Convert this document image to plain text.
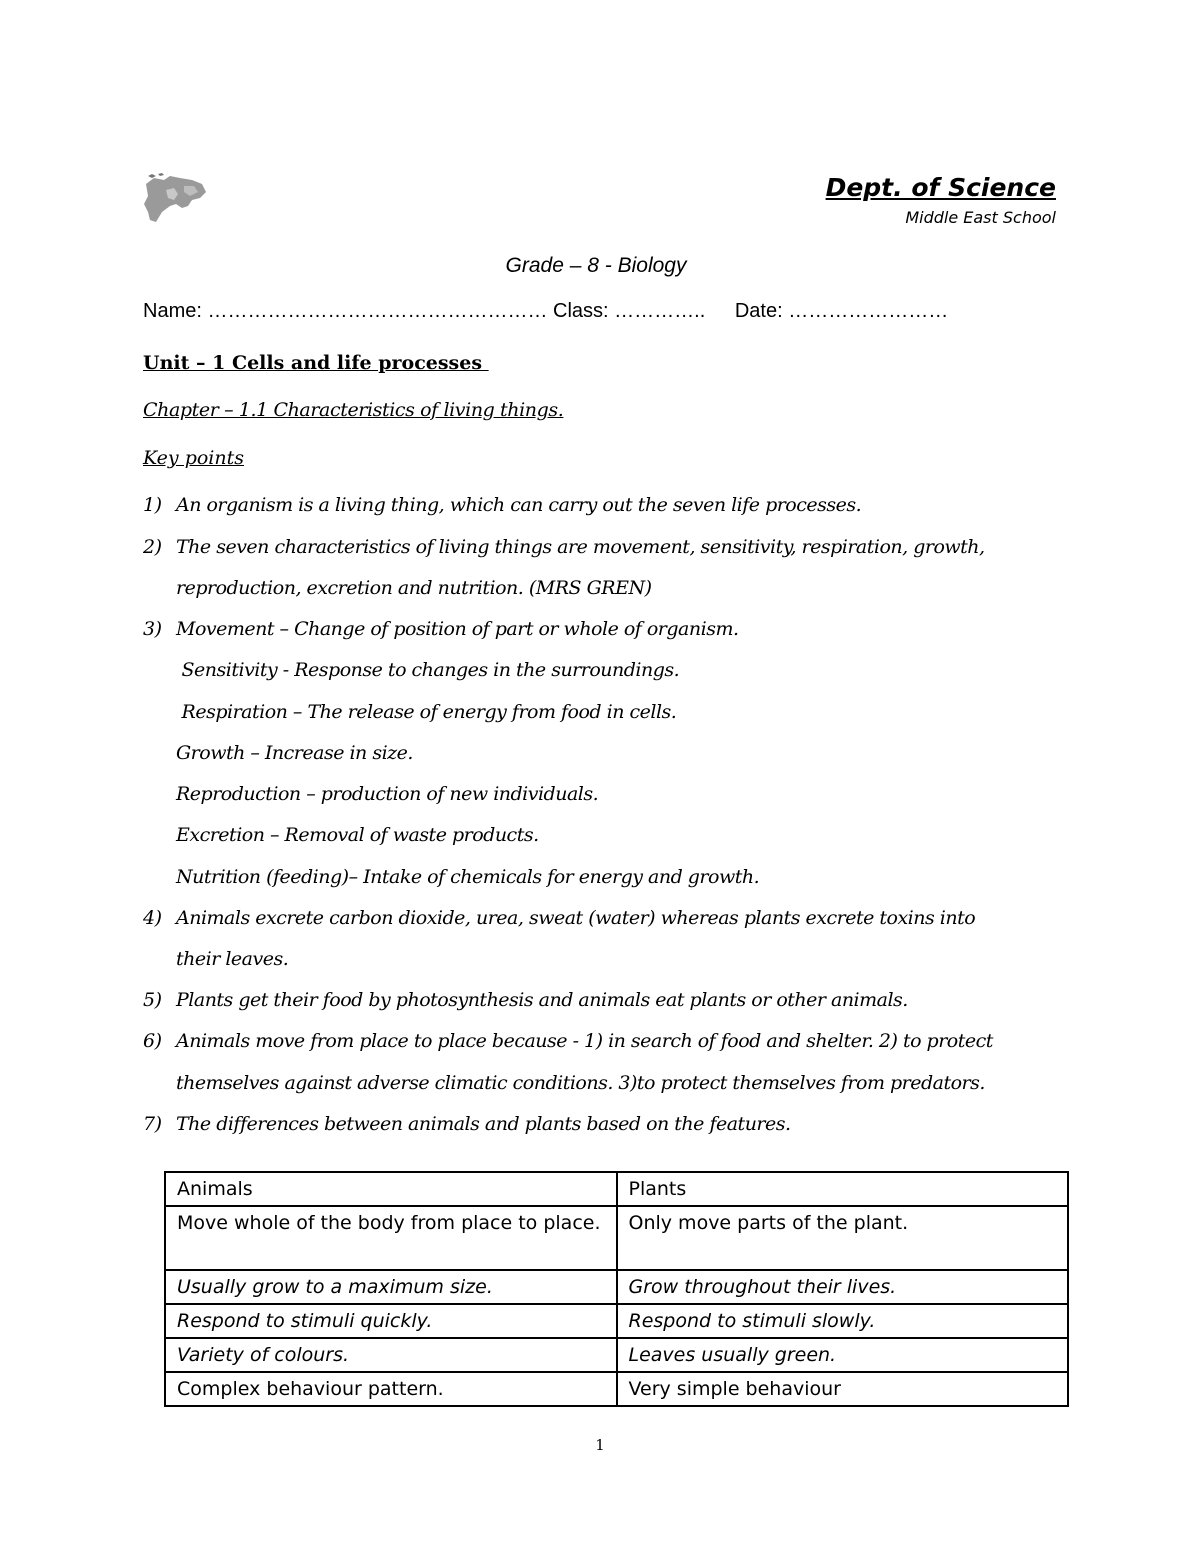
Dept. of Science
Middle East School
Grade – 8 - Biology
Name: …………………………………………… Class: ………….. Date: ……………………
Unit – 1 Cells and life processes
Chapter – 1.1 Characteristics of living things.
Key points
1) An organism is a living thing, which can carry out the seven life processes.
2) The seven characteristics of living things are movement, sensitivity, respiration, growth,
reproduction, excretion and nutrition. (MRS GREN)
3) Movement – Change of position of part or whole of organism.
Sensitivity - Response to changes in the surroundings.
Respiration – The release of energy from food in cells.
Growth – Increase in size.
Reproduction – production of new individuals.
Excretion – Removal of waste products.
Nutrition (feeding)– Intake of chemicals for energy and growth.
4) Animals excrete carbon dioxide, urea, sweat (water) whereas plants excrete toxins into
their leaves.
5) Plants get their food by photosynthesis and animals eat plants or other animals.
6) Animals move from place to place because - 1) in search of food and shelter. 2) to protect
themselves against adverse climatic conditions. 3)to protect themselves from predators.
7) The differences between animals and plants based on the features.
Animals	Plants
Move whole of the body from place to place.	Only move parts of the plant.
Usually grow to a maximum size.	Grow throughout their lives.
Respond to stimuli quickly.	Respond to stimuli slowly.
Variety of colours.	Leaves usually green.
Complex behaviour pattern.	Very simple behaviour
1
